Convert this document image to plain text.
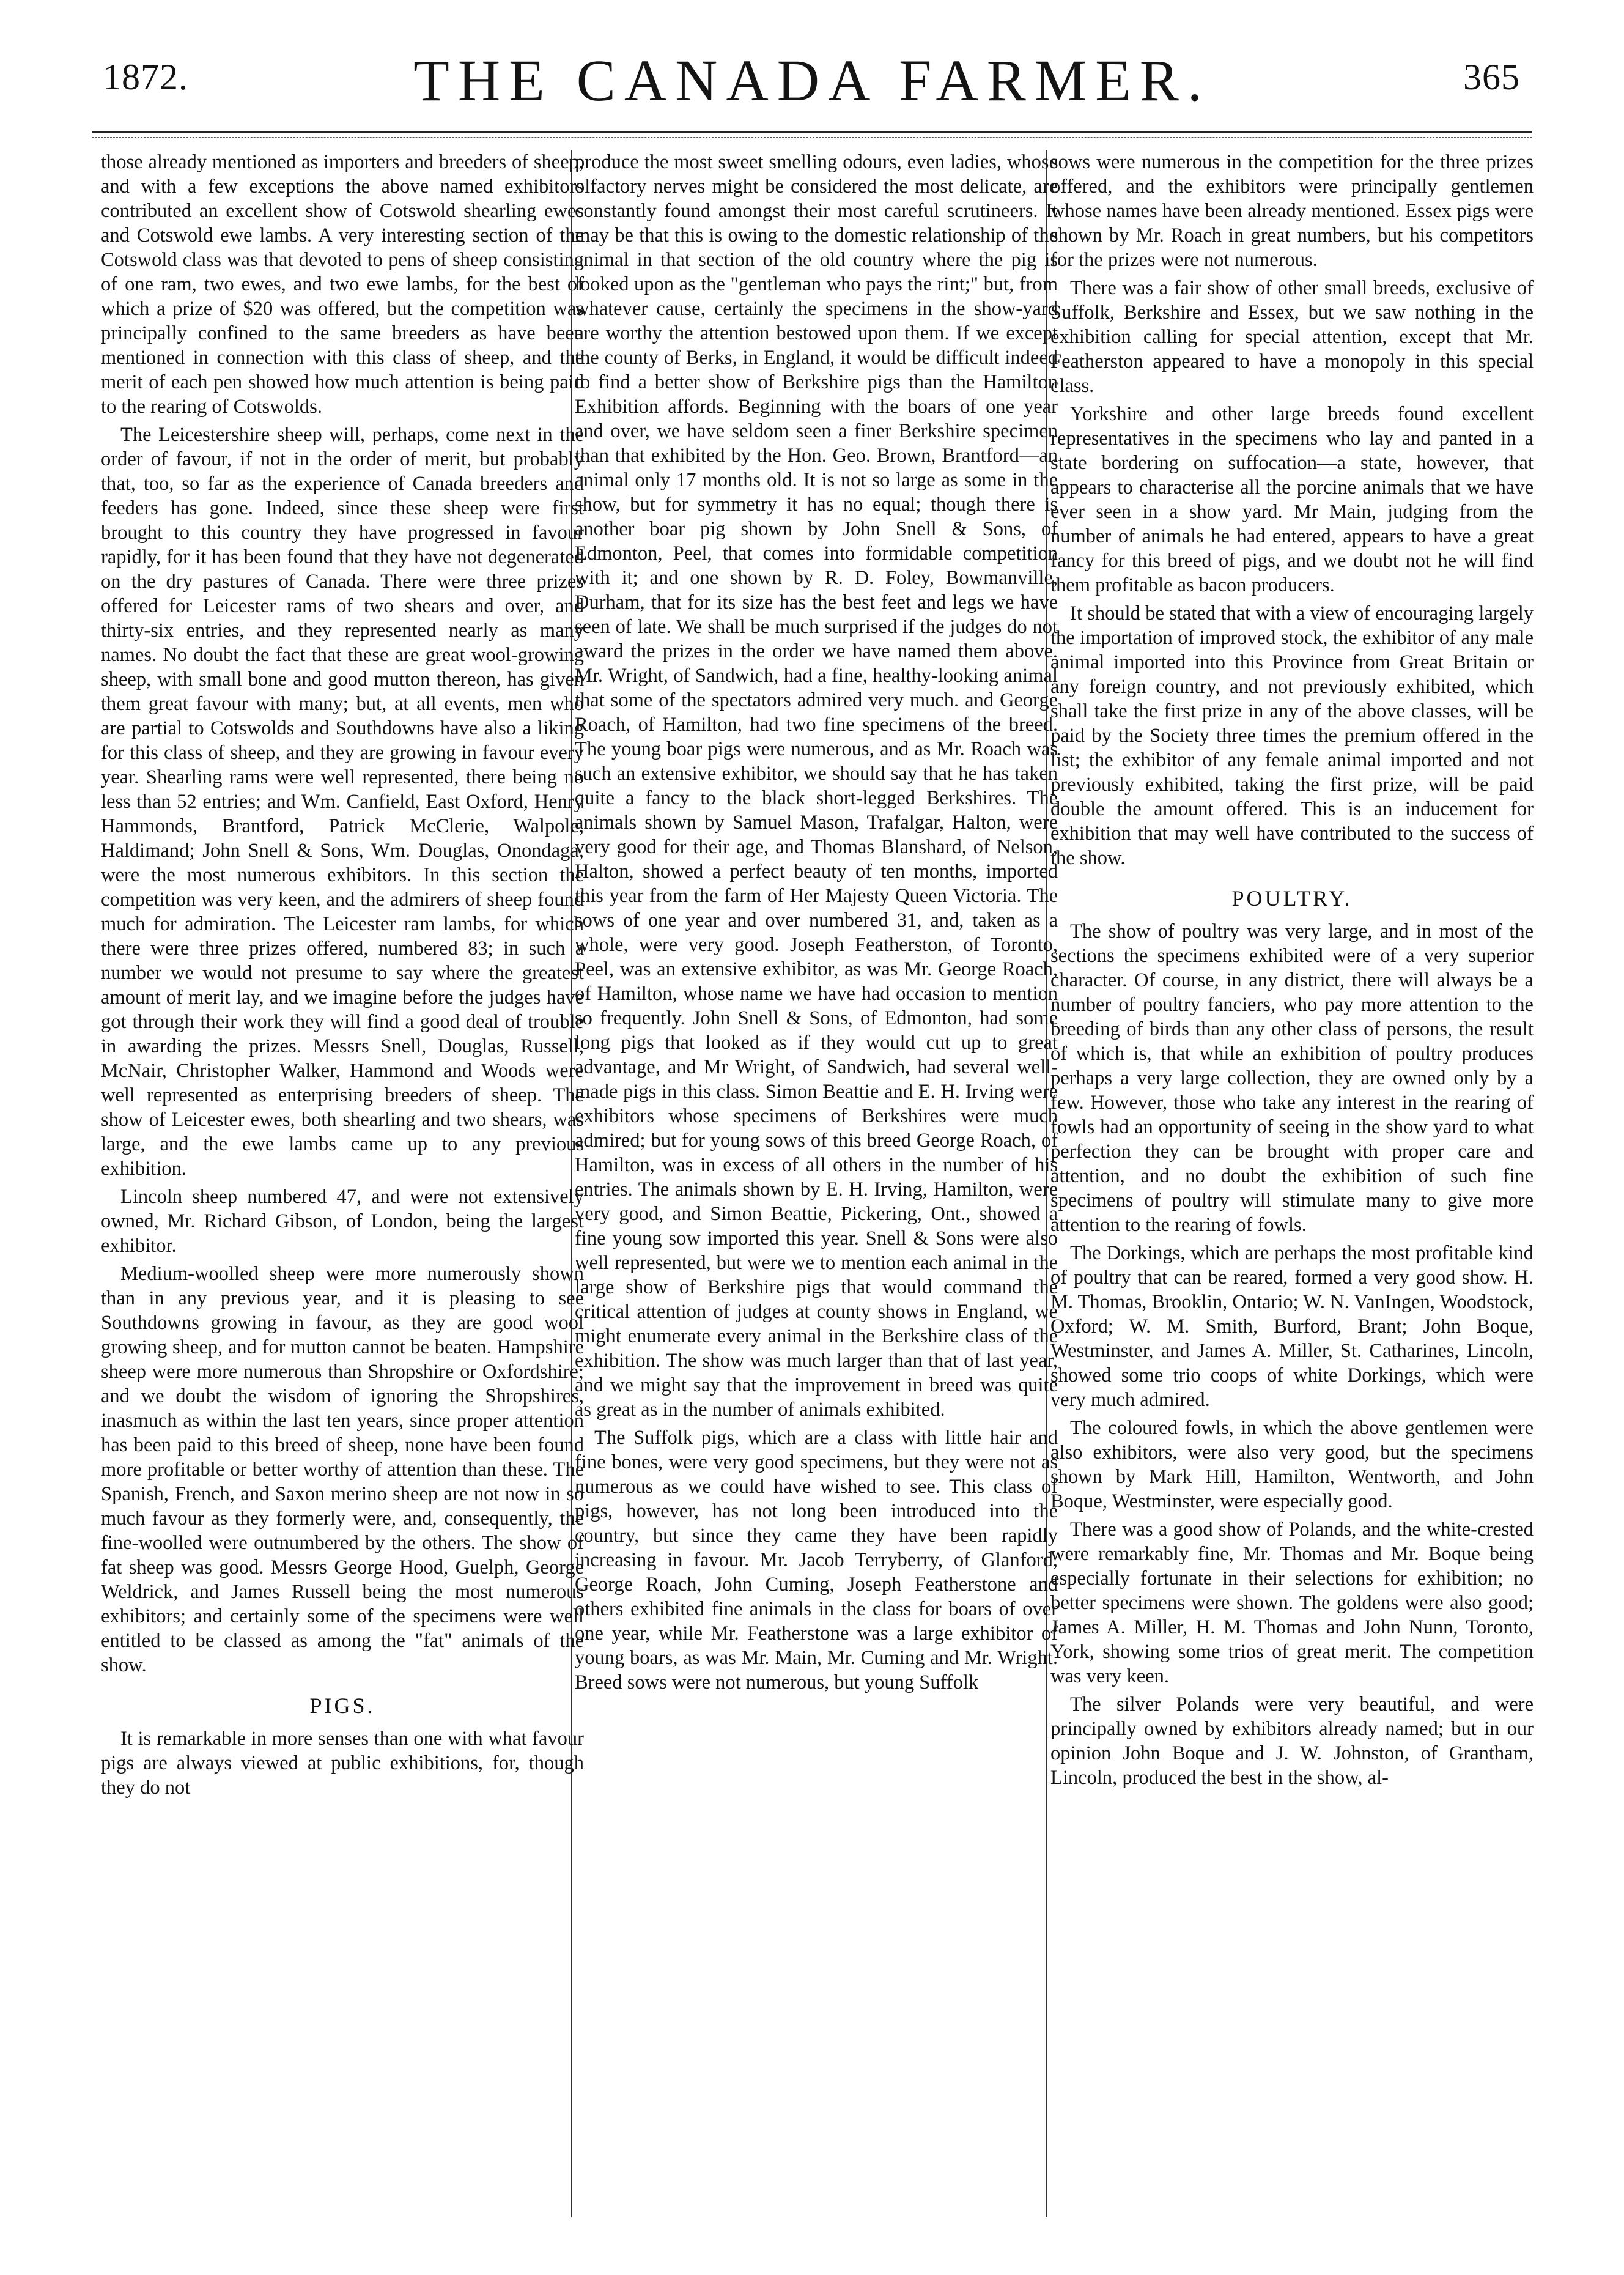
1872.	THE CANADA FARMER.	365

those already mentioned as importers and breeders of sheep, and with a few exceptions the above named exhibitors contributed an excellent show of Cotswold shearling ewes and Cotswold ewe lambs. A very interesting section of the Cotswold class was that devoted to pens of sheep consisting of one ram, two ewes, and two ewe lambs, for the best of which a prize of $20 was offered, but the competition was principally confined to the same breeders as have been mentioned in connection with this class of sheep, and the merit of each pen showed how much attention is being paid to the rearing of Cotswolds.

The Leicestershire sheep will, perhaps, come next in the order of favour, if not in the order of merit, but probably that, too, so far as the experience of Canada breeders and feeders has gone. Indeed, since these sheep were first brought to this country they have progressed in favour rapidly, for it has been found that they have not degenerated on the dry pastures of Canada. There were three prizes offered for Leicester rams of two shears and over, and thirty-six entries, and they represented nearly as many names. No doubt the fact that these are great wool-growing sheep, with small bone and good mutton thereon, has given them great favour with many; but, at all events, men who are partial to Cotswolds and Southdowns have also a liking for this class of sheep, and they are growing in favour every year. Shearling rams were well represented, there being no less than 52 entries; and Wm. Canfield, East Oxford, Henry Hammonds, Brantford, Patrick McClerie, Walpole, Haldimand; John Snell & Sons, Wm. Douglas, Onondaga, were the most numerous exhibitors. In this section the competition was very keen, and the admirers of sheep found much for admiration. The Leicester ram lambs, for which there were three prizes offered, numbered 83; in such a number we would not presume to say where the greatest amount of merit lay, and we imagine before the judges have got through their work they will find a good deal of trouble in awarding the prizes. Messrs Snell, Douglas, Russell, McNair, Christopher Walker, Hammond and Woods were well represented as enterprising breeders of sheep. The show of Leicester ewes, both shearling and two shears, was large, and the ewe lambs came up to any previous exhibition.

Lincoln sheep numbered 47, and were not extensively owned, Mr. Richard Gibson, of London, being the largest exhibitor.

Medium-woolled sheep were more numerously shown than in any previous year, and it is pleasing to see Southdowns growing in favour, as they are good wool growing sheep, and for mutton cannot be beaten. Hampshire sheep were more numerous than Shropshire or Oxfordshire; and we doubt the wisdom of ignoring the Shropshires, inasmuch as within the last ten years, since proper attention has been paid to this breed of sheep, none have been found more profitable or better worthy of attention than these. The Spanish, French, and Saxon merino sheep are not now in so much favour as they formerly were, and, consequently, the fine-woolled were outnumbered by the others. The show of fat sheep was good. Messrs George Hood, Guelph, George Weldrick, and James Russell being the most numerous exhibitors; and certainly some of the specimens were well entitled to be classed as among the "fat" animals of the show.

PIGS.

It is remarkable in more senses than one with what favour pigs are always viewed at public exhibitions, for, though they do not

produce the most sweet smelling odours, even ladies, whose olfactory nerves might be considered the most delicate, are constantly found amongst their most careful scrutineers. It may be that this is owing to the domestic relationship of the animal in that section of the old country where the pig is looked upon as the "gentleman who pays the rint;" but, from whatever cause, certainly the specimens in the show-yard are worthy the attention bestowed upon them. If we except the county of Berks, in England, it would be difficult indeed to find a better show of Berkshire pigs than the Hamilton Exhibition affords. Beginning with the boars of one year and over, we have seldom seen a finer Berkshire specimen than that exhibited by the Hon. Geo. Brown, Brantford—an animal only 17 months old. It is not so large as some in the show, but for symmetry it has no equal; though there is another boar pig shown by John Snell & Sons, of Edmonton, Peel, that comes into formidable competition with it; and one shown by R. D. Foley, Bowmanville, Durham, that for its size has the best feet and legs we have seen of late. We shall be much surprised if the judges do not award the prizes in the order we have named them above. Mr. Wright, of Sandwich, had a fine, healthy-looking animal that some of the spectators admired very much. and George Roach, of Hamilton, had two fine specimens of the breed. The young boar pigs were numerous, and as Mr. Roach was such an extensive exhibitor, we should say that he has taken quite a fancy to the black short-legged Berkshires. The animals shown by Samuel Mason, Trafalgar, Halton, were very good for their age, and Thomas Blanshard, of Nelson, Halton, showed a perfect beauty of ten months, imported this year from the farm of Her Majesty Queen Victoria. The sows of one year and over numbered 31, and, taken as a whole, were very good. Joseph Featherston, of Toronto, Peel, was an extensive exhibitor, as was Mr. George Roach, of Hamilton, whose name we have had occasion to mention so frequently. John Snell & Sons, of Edmonton, had some long pigs that looked as if they would cut up to great advantage, and Mr Wright, of Sandwich, had several well-made pigs in this class. Simon Beattie and E. H. Irving were exhibitors whose specimens of Berkshires were much admired; but for young sows of this breed George Roach, of Hamilton, was in excess of all others in the number of his entries. The animals shown by E. H. Irving, Hamilton, were very good, and Simon Beattie, Pickering, Ont., showed a fine young sow imported this year. Snell & Sons were also well represented, but were we to mention each animal in the large show of Berkshire pigs that would command the critical attention of judges at county shows in England, we might enumerate every animal in the Berkshire class of the exhibition. The show was much larger than that of last year, and we might say that the improvement in breed was quite as great as in the number of animals exhibited.

The Suffolk pigs, which are a class with little hair and fine bones, were very good specimens, but they were not as numerous as we could have wished to see. This class of pigs, however, has not long been introduced into the country, but since they came they have been rapidly increasing in favour. Mr. Jacob Terryberry, of Glanford, George Roach, John Cuming, Joseph Featherstone and others exhibited fine animals in the class for boars of over one year, while Mr. Featherstone was a large exhibitor of young boars, as was Mr. Main, Mr. Cuming and Mr. Wright. Breed sows were not numerous, but young Suffolk

sows were numerous in the competition for the three prizes offered, and the exhibitors were principally gentlemen whose names have been already mentioned. Essex pigs were shown by Mr. Roach in great numbers, but his competitors for the prizes were not numerous.

There was a fair show of other small breeds, exclusive of Suffolk, Berkshire and Essex, but we saw nothing in the exhibition calling for special attention, except that Mr. Featherston appeared to have a monopoly in this special class.

Yorkshire and other large breeds found excellent representatives in the specimens who lay and panted in a state bordering on suffocation—a state, however, that appears to characterise all the porcine animals that we have ever seen in a show yard. Mr Main, judging from the number of animals he had entered, appears to have a great fancy for this breed of pigs, and we doubt not he will find them profitable as bacon producers.

It should be stated that with a view of encouraging largely the importation of improved stock, the exhibitor of any male animal imported into this Province from Great Britain or any foreign country, and not previously exhibited, which shall take the first prize in any of the above classes, will be paid by the Society three times the premium offered in the list; the exhibitor of any female animal imported and not previously exhibited, taking the first prize, will be paid double the amount offered. This is an inducement for exhibition that may well have contributed to the success of the show.

POULTRY.

The show of poultry was very large, and in most of the sections the specimens exhibited were of a very superior character. Of course, in any district, there will always be a number of poultry fanciers, who pay more attention to the breeding of birds than any other class of persons, the result of which is, that while an exhibition of poultry produces perhaps a very large collection, they are owned only by a few. However, those who take any interest in the rearing of fowls had an opportunity of seeing in the show yard to what perfection they can be brought with proper care and attention, and no doubt the exhibition of such fine specimens of poultry will stimulate many to give more attention to the rearing of fowls.

The Dorkings, which are perhaps the most profitable kind of poultry that can be reared, formed a very good show. H. M. Thomas, Brooklin, Ontario; W. N. VanIngen, Woodstock, Oxford; W. M. Smith, Burford, Brant; John Boque, Westminster, and James A. Miller, St. Catharines, Lincoln, showed some trio coops of white Dorkings, which were very much admired.

The coloured fowls, in which the above gentlemen were also exhibitors, were also very good, but the specimens shown by Mark Hill, Hamilton, Wentworth, and John Boque, Westminster, were especially good.

There was a good show of Polands, and the white-crested were remarkably fine, Mr. Thomas and Mr. Boque being especially fortunate in their selections for exhibition; no better specimens were shown. The goldens were also good; James A. Miller, H. M. Thomas and John Nunn, Toronto, York, showing some trios of great merit. The competition was very keen.

The silver Polands were very beautiful, and were principally owned by exhibitors already named; but in our opinion John Boque and J. W. Johnston, of Grantham, Lincoln, produced the best in the show, al-
